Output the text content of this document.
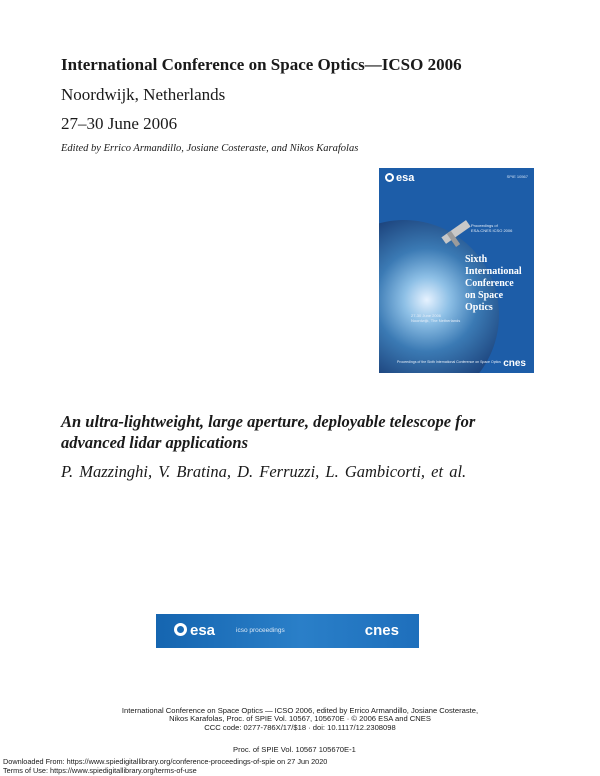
International Conference on Space Optics—ICSO 2006
Noordwijk, Netherlands
27–30 June 2006
Edited by Errico Armandillo, Josiane Costeraste, and Nikos Karafolas
esa	SPIE 10567
Proceedings of
ESA-CNES ICSO 2006
Sixth
International
Conference
on Space
Optics
27-30 June 2006
Noordwijk, The Netherlands
Proceedings of the Sixth International Conference on Space Optics cnes
An ultra-lightweight, large aperture, deployable telescope for advanced lidar applications
P. Mazzinghi, V. Bratina, D. Ferruzzi, L. Gambicorti, et al.
esa	icso proceedings	cnes
International Conference on Space Optics — ICSO 2006, edited by Errico Armandillo, Josiane Costeraste,
Nikos Karafolas, Proc. of SPIE Vol. 10567, 105670E · © 2006 ESA and CNES
CCC code: 0277-786X/17/$18 · doi: 10.1117/12.2308098
Proc. of SPIE Vol. 10567 105670E-1
Downloaded From: https://www.spiedigitallibrary.org/conference-proceedings-of-spie on 27 Jun 2020
Terms of Use: https://www.spiedigitallibrary.org/terms-of-use
